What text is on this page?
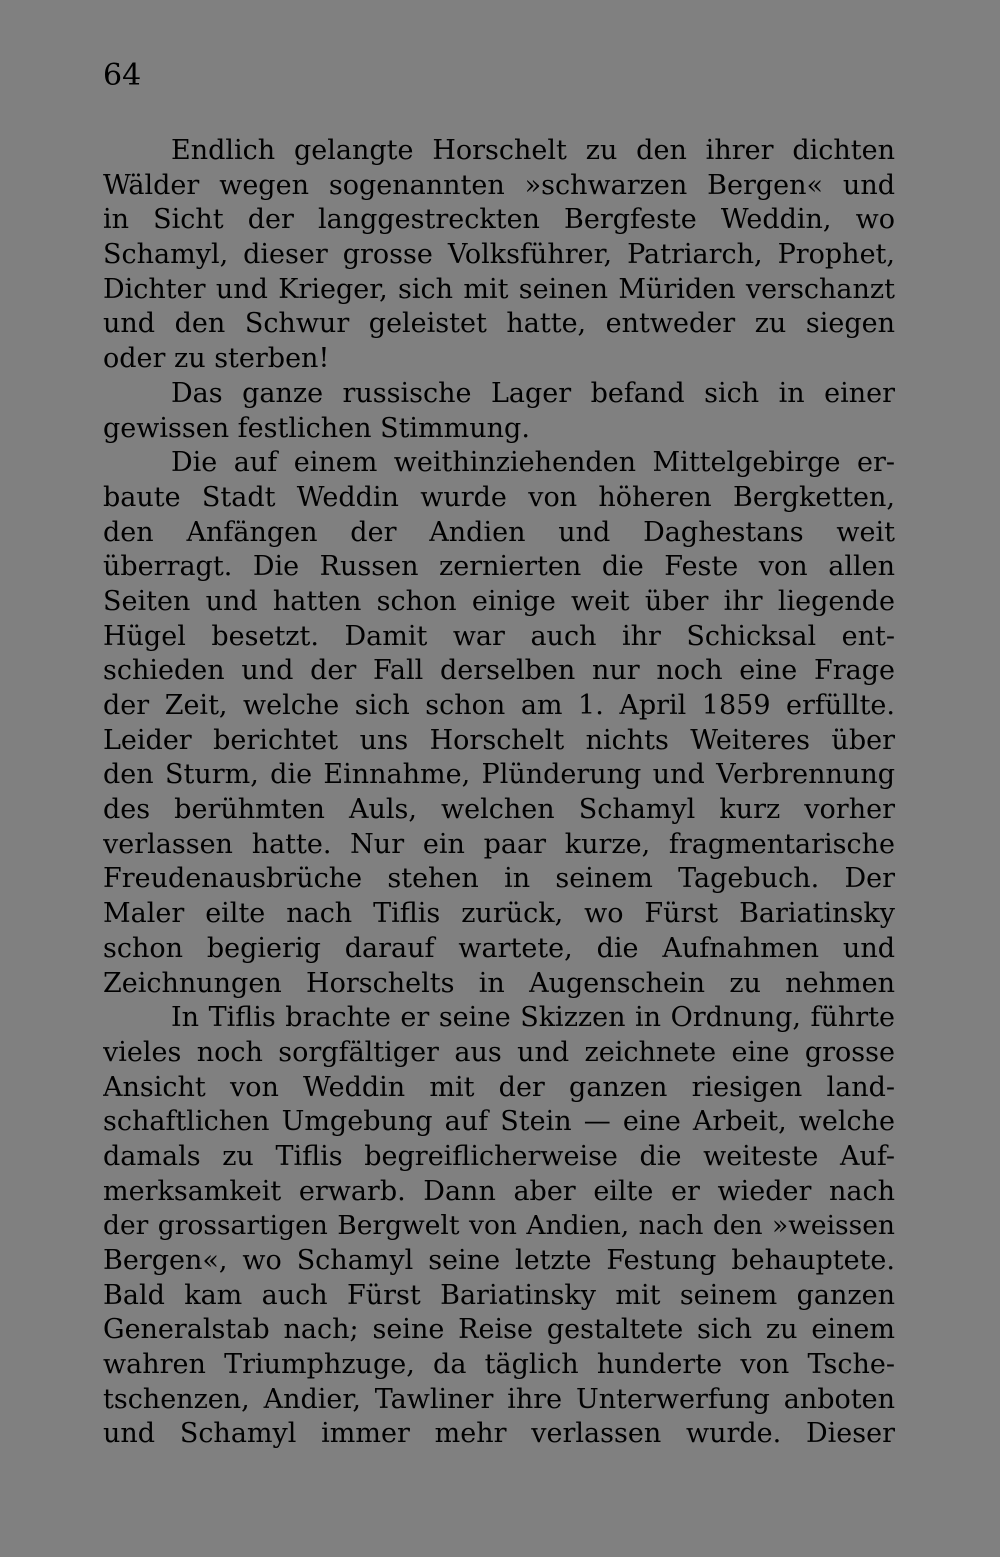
64
Endlich gelangte Horschelt zu den ihrer dichten
Wälder wegen sogenannten »schwarzen Bergen« und
in Sicht der langgestreckten Bergfeste Weddin, wo
Schamyl, dieser grosse Volksführer, Patriarch, Prophet,
Dichter und Krieger, sich mit seinen Müriden verschanzt
und den Schwur geleistet hatte, entweder zu siegen
oder zu sterben!
Das ganze russische Lager befand sich in einer
gewissen festlichen Stimmung.
Die auf einem weithinziehenden Mittelgebirge er-
baute Stadt Weddin wurde von höheren Bergketten,
den Anfängen der Andien und Daghestans weit
überragt. Die Russen zernierten die Feste von allen
Seiten und hatten schon einige weit über ihr liegende
Hügel besetzt. Damit war auch ihr Schicksal ent-
schieden und der Fall derselben nur noch eine Frage
der Zeit, welche sich schon am 1. April 1859 erfüllte.
Leider berichtet uns Horschelt nichts Weiteres über
den Sturm, die Einnahme, Plünderung und Verbrennung
des berühmten Auls, welchen Schamyl kurz vorher
verlassen hatte. Nur ein paar kurze, fragmentarische
Freudenausbrüche stehen in seinem Tagebuch. Der
Maler eilte nach Tiflis zurück, wo Fürst Bariatinsky
schon begierig darauf wartete, die Aufnahmen und
Zeichnungen Horschelts in Augenschein zu nehmen
In Tiflis brachte er seine Skizzen in Ordnung, führte
vieles noch sorgfältiger aus und zeichnete eine grosse
Ansicht von Weddin mit der ganzen riesigen land-
schaftlichen Umgebung auf Stein — eine Arbeit, welche
damals zu Tiflis begreiflicherweise die weiteste Auf-
merksamkeit erwarb. Dann aber eilte er wieder nach
der grossartigen Bergwelt von Andien, nach den »weissen
Bergen«, wo Schamyl seine letzte Festung behauptete.
Bald kam auch Fürst Bariatinsky mit seinem ganzen
Generalstab nach; seine Reise gestaltete sich zu einem
wahren Triumphzuge, da täglich hunderte von Tsche-
tschenzen, Andier, Tawliner ihre Unterwerfung anboten
und Schamyl immer mehr verlassen wurde. Dieser
